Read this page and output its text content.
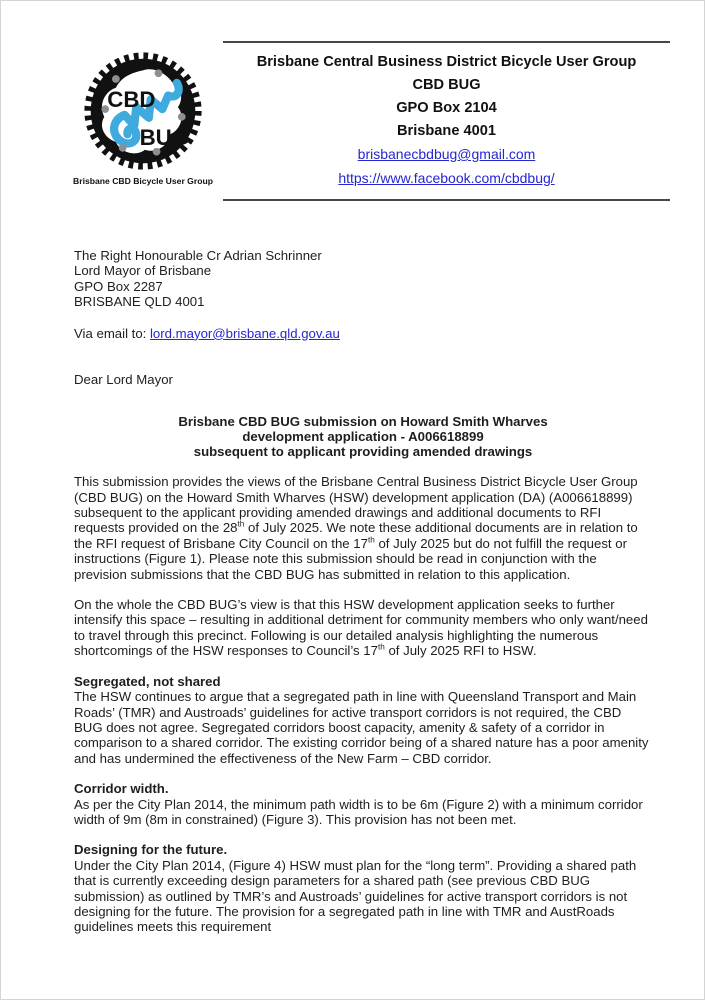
CBD
BUG
Brisbane CBD Bicycle User Group
Brisbane Central Business District Bicycle User Group
CBD BUG
GPO Box 2104
Brisbane 4001
brisbanecbdbug@gmail.com
https://www.facebook.com/cbdbug/
The Right Honourable Cr Adrian Schrinner
Lord Mayor of Brisbane
GPO Box 2287
BRISBANE QLD 4001
Via email to: lord.mayor@brisbane.qld.gov.au
Dear Lord Mayor
Brisbane CBD BUG submission on Howard Smith Wharves
development application - A006618899
subsequent to applicant providing amended drawings

This submission provides the views of the Brisbane Central Business District Bicycle User Group (CBD BUG) on the Howard Smith Wharves (HSW) development application (DA) (A006618899) subsequent to the applicant providing amended drawings and additional documents to RFI requests provided on the 28th of July 2025. We note these additional documents are in relation to the RFI request of Brisbane City Council on the 17th of July 2025 but do not fulfill the request or instructions (Figure 1). Please note this submission should be read in conjunction with the prevision submissions that the CBD BUG has submitted in relation to this application.

On the whole the CBD BUG’s view is that this HSW development application seeks to further intensify this space – resulting in additional detriment for community members who only want/need to travel through this precinct. Following is our detailed analysis highlighting the numerous shortcomings of the HSW responses to Council’s 17th of July 2025 RFI to HSW.

Segregated, not shared

The HSW continues to argue that a segregated path in line with Queensland Transport and Main Roads’ (TMR) and Austroads’ guidelines for active transport corridors is not required, the CBD BUG does not agree. Segregated corridors boost capacity, amenity & safety of a corridor in comparison to a shared corridor. The existing corridor being of a shared nature has a poor amenity and has undermined the effectiveness of the New Farm – CBD corridor.

Corridor width.

As per the City Plan 2014, the minimum path width is to be 6m (Figure 2) with a minimum corridor width of 9m (8m in constrained) (Figure 3). This provision has not been met.

Designing for the future.

Under the City Plan 2014, (Figure 4) HSW must plan for the “long term”. Providing a shared path that is currently exceeding design parameters for a shared path (see previous CBD BUG submission) as outlined by TMR’s and Austroads’ guidelines for active transport corridors is not designing for the future. The provision for a segregated path in line with TMR and AustRoads guidelines meets this requirement
